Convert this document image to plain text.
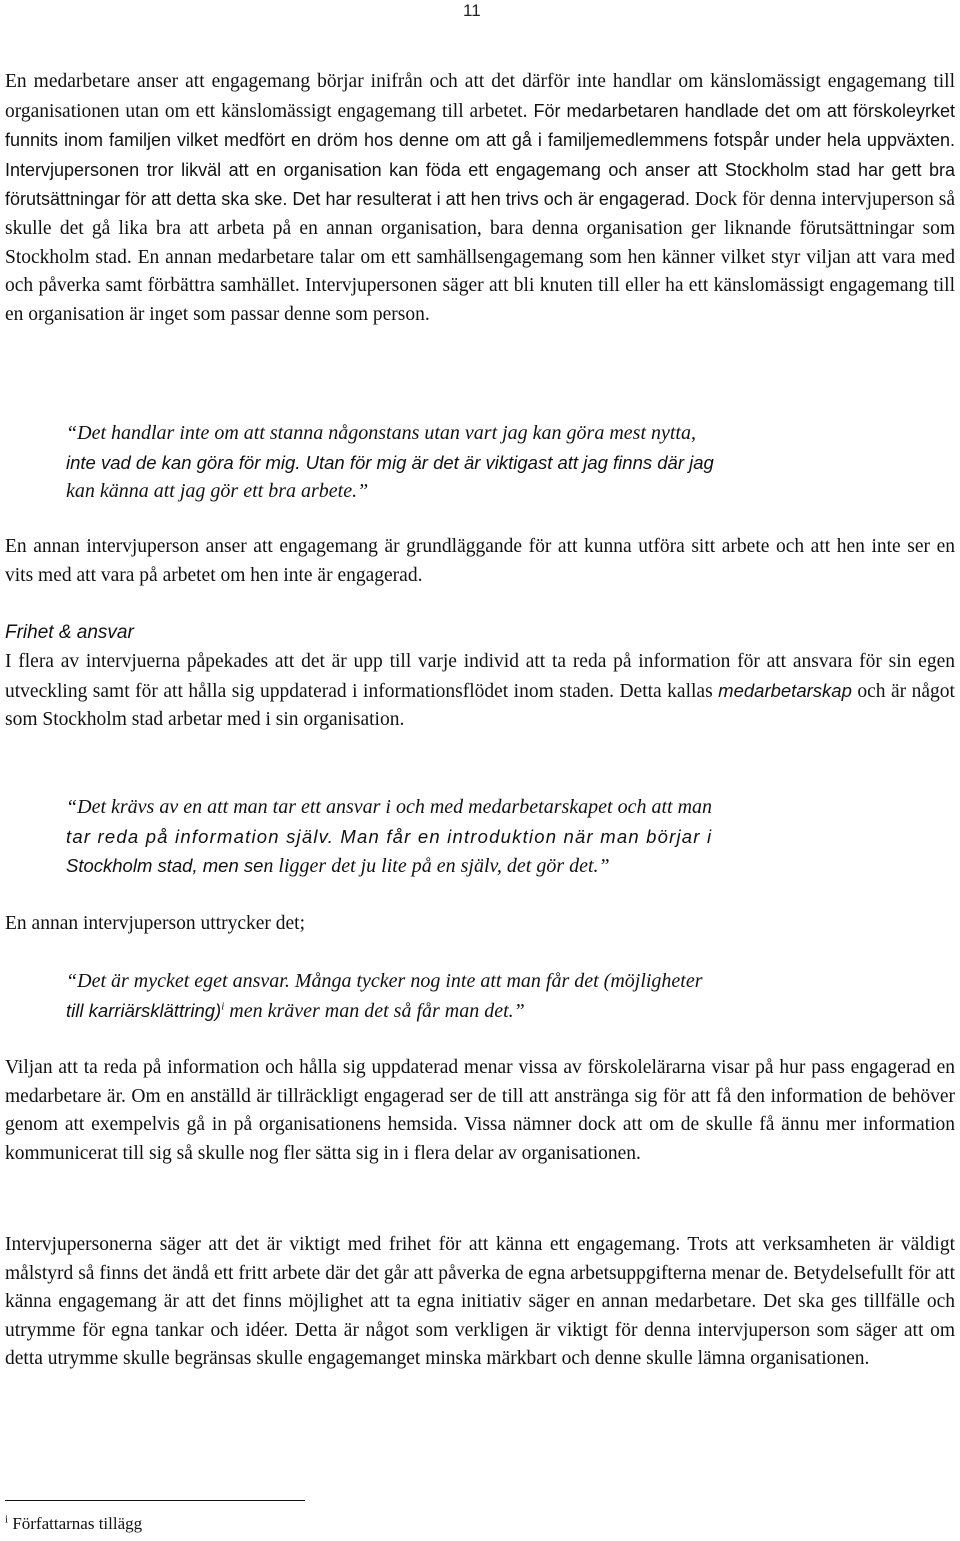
11

En medarbetare anser att engagemang börjar inifrån och att det därför inte handlar om känslomässigt engagemang till organisationen utan om ett känslomässigt engagemang till arbetet. För medarbetaren handlade det om att förskoleyrket funnits inom familjen vilket medfört en dröm hos denne om att gå i familjemedlemmens fotspår under hela uppväxten. Intervjupersonen tror likväl att en organisation kan föda ett engagemang och anser att Stockholm stad har gett bra förutsättningar för att detta ska ske. Det har resulterat i att hen trivs och är engagerad. Dock för denna intervjuperson så skulle det gå lika bra att arbeta på en annan organisation, bara denna organisation ger liknande förutsättningar som Stockholm stad. En annan medarbetare talar om ett samhällsengagemang som hen känner vilket styr viljan att vara med och påverka samt förbättra samhället. Intervjupersonen säger att bli knuten till eller ha ett känslomässigt engagemang till en organisation är inget som passar denne som person.

“Det handlar inte om att stanna någonstans utan vart jag kan göra mest nytta,
inte vad de kan göra för mig. Utan för mig är det är viktigast att jag finns där jag
kan känna att jag gör ett bra arbete.”

En annan intervjuperson anser att engagemang är grundläggande för att kunna utföra sitt arbete och att hen inte ser en vits med att vara på arbetet om hen inte är engagerad.

Frihet & ansvar

I flera av intervjuerna påpekades att det är upp till varje individ att ta reda på information för att ansvara för sin egen utveckling samt för att hålla sig uppdaterad i informationsflödet inom staden. Detta kallas medarbetarskap och är något som Stockholm stad arbetar med i sin organisation.

“Det krävs av en att man tar ett ansvar i och med medarbetarskapet och att man
tar reda på information själv. Man får en introduktion när man börjar i
Stockholm stad, men sen ligger det ju lite på en själv, det gör det.”

En annan intervjuperson uttrycker det;

“Det är mycket eget ansvar. Många tycker nog inte att man får det (möjligheter
till karriärsklättring)$^i$ men kräver man det så får man det.”

Viljan att ta reda på information och hålla sig uppdaterad menar vissa av förskolelärarna visar på hur pass engagerad en medarbetare är. Om en anställd är tillräckligt engagerad ser de till att anstränga sig för att få den information de behöver genom att exempelvis gå in på organisationens hemsida. Vissa nämner dock att om de skulle få ännu mer information kommunicerat till sig så skulle nog fler sätta sig in i flera delar av organisationen.

Intervjupersonerna säger att det är viktigt med frihet för att känna ett engagemang. Trots att verksamheten är väldigt målstyrd så finns det ändå ett fritt arbete där det går att påverka de egna arbetsuppgifterna menar de. Betydelsefullt för att känna engagemang är att det finns möjlighet att ta egna initiativ säger en annan medarbetare. Det ska ges tillfälle och utrymme för egna tankar och idéer. Detta är något som verkligen är viktigt för denna intervjuperson som säger att om detta utrymme skulle begränsas skulle engagemanget minska märkbart och denne skulle lämna organisationen.

$^i$ Författarnas tillägg
